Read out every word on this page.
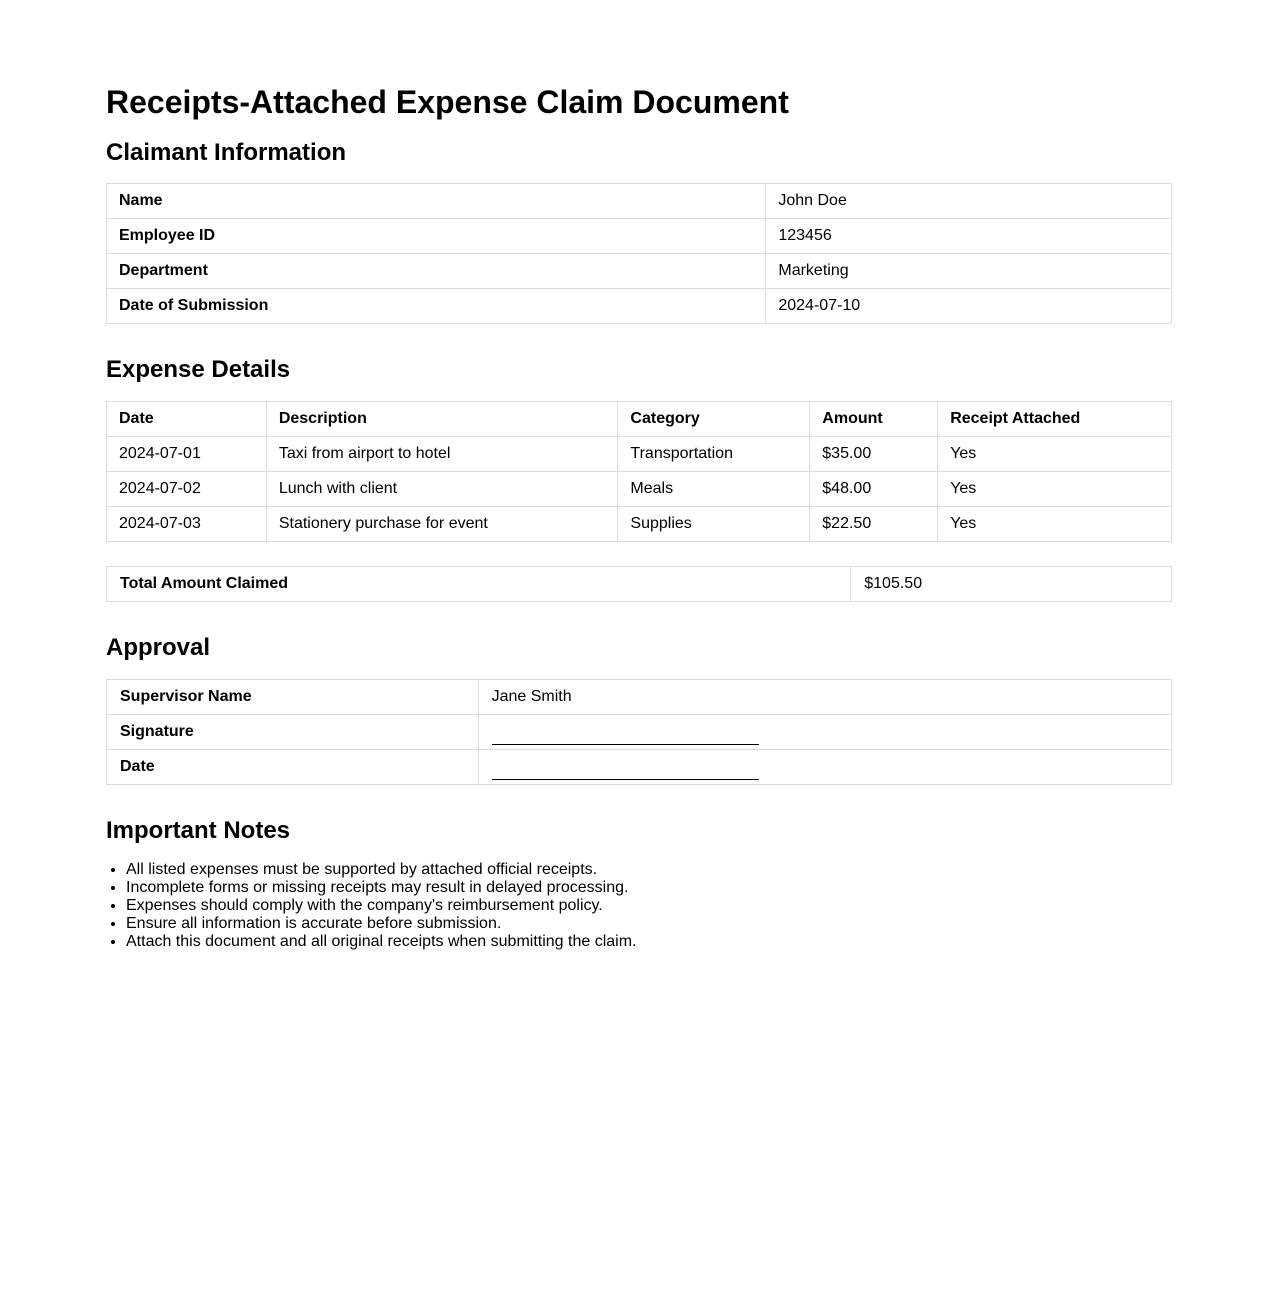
Receipts-Attached Expense Claim Document
Claimant Information
Name	John Doe
Employee ID	123456
Department	Marketing
Date of Submission	2024-07-10
Expense Details
Date	Description	Category	Amount	Receipt Attached
2024-07-01	Taxi from airport to hotel	Transportation	$35.00	Yes
2024-07-02	Lunch with client	Meals	$48.00	Yes
2024-07-03	Stationery purchase for event	Supplies	$22.50	Yes
Total Amount Claimed	$105.50
Approval
Supervisor Name	Jane Smith
Signature	
Date	
Important Notes
• All listed expenses must be supported by attached official receipts.
• Incomplete forms or missing receipts may result in delayed processing.
• Expenses should comply with the company's reimbursement policy.
• Ensure all information is accurate before submission.
• Attach this document and all original receipts when submitting the claim.
